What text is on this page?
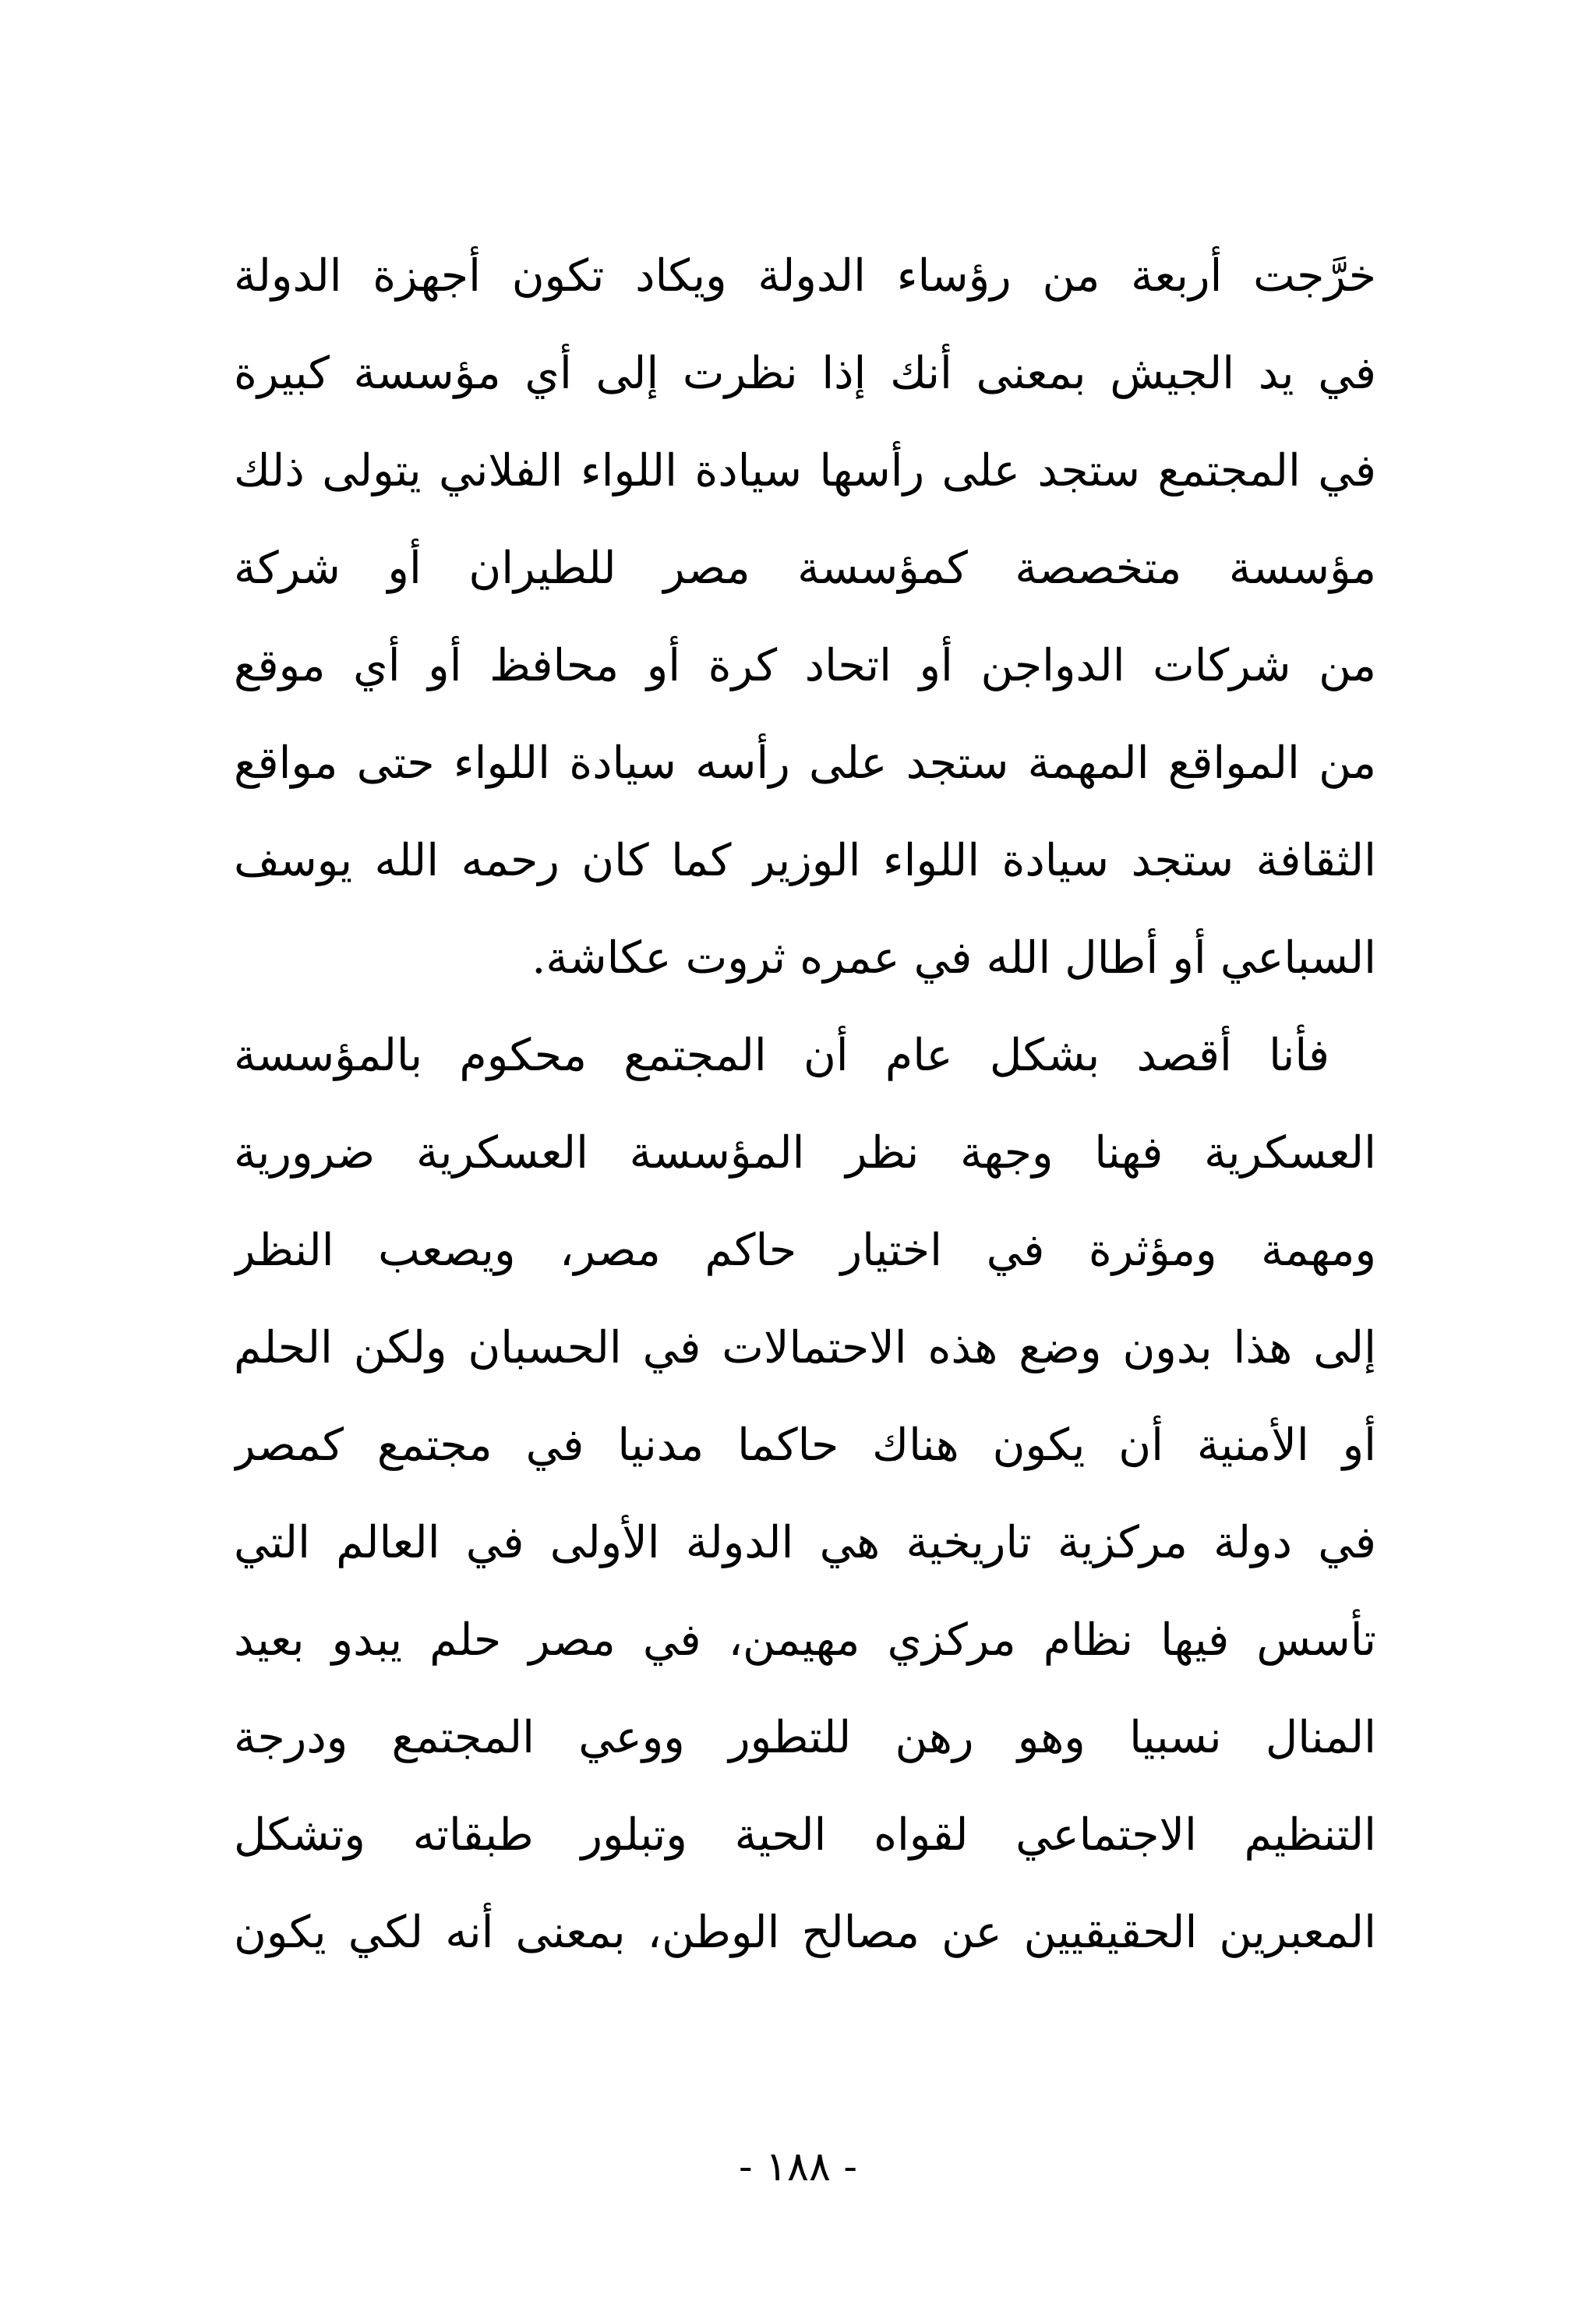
خرَّجت أربعة من رؤساء الدولة ويكاد تكون أجهزة الدولة
في يد الجيش بمعنى أنك إذا نظرت إلى أي مؤسسة كبيرة
في المجتمع ستجد على رأسها سيادة اللواء الفلاني يتولى ذلك
مؤسسة متخصصة كمؤسسة مصر للطيران أو شركة
من شركات الدواجن أو اتحاد كرة أو محافظ أو أي موقع
من المواقع المهمة ستجد على رأسه سيادة اللواء حتى مواقع
الثقافة ستجد سيادة اللواء الوزير كما كان رحمه الله يوسف
السباعي أو أطال الله في عمره ثروت عكاشة.
فأنا أقصد بشكل عام أن المجتمع محكوم بالمؤسسة
العسكرية فهنا وجهة نظر المؤسسة العسكرية ضرورية
ومهمة ومؤثرة في اختيار حاكم مصر، ويصعب النظر
إلى هذا بدون وضع هذه الاحتمالات في الحسبان ولكن الحلم
أو الأمنية أن يكون هناك حاكما مدنيا في مجتمع كمصر
في دولة مركزية تاريخية هي الدولة الأولى في العالم التي
تأسس فيها نظام مركزي مهيمن، في مصر حلم يبدو بعيد
المنال نسبيا وهو رهن للتطور ووعي المجتمع ودرجة
التنظيم الاجتماعي لقواه الحية وتبلور طبقاته وتشكل
المعبرين الحقيقيين عن مصالح الوطن، بمعنى أنه لكي يكون
- ١٨٨ -
